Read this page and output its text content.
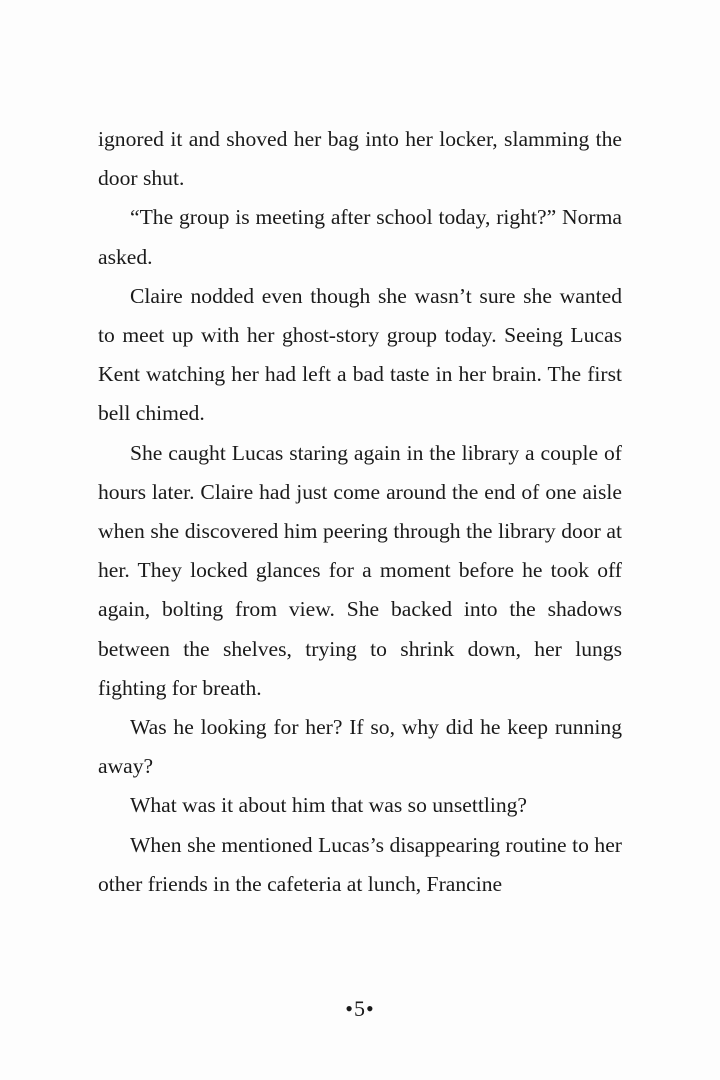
ignored it and shoved her bag into her locker, slamming the door shut.

“The group is meeting after school today, right?” Norma asked.

Claire nodded even though she wasn’t sure she wanted to meet up with her ghost-story group today. Seeing Lucas Kent watching her had left a bad taste in her brain. The first bell chimed.

She caught Lucas staring again in the library a couple of hours later. Claire had just come around the end of one aisle when she discovered him peering through the library door at her. They locked glances for a moment before he took off again, bolting from view. She backed into the shadows between the shelves, trying to shrink down, her lungs fighting for breath.

Was he looking for her? If so, why did he keep running away?

What was it about him that was so unsettling?

When she mentioned Lucas’s disappearing routine to her other friends in the cafeteria at lunch, Francine

•5•
